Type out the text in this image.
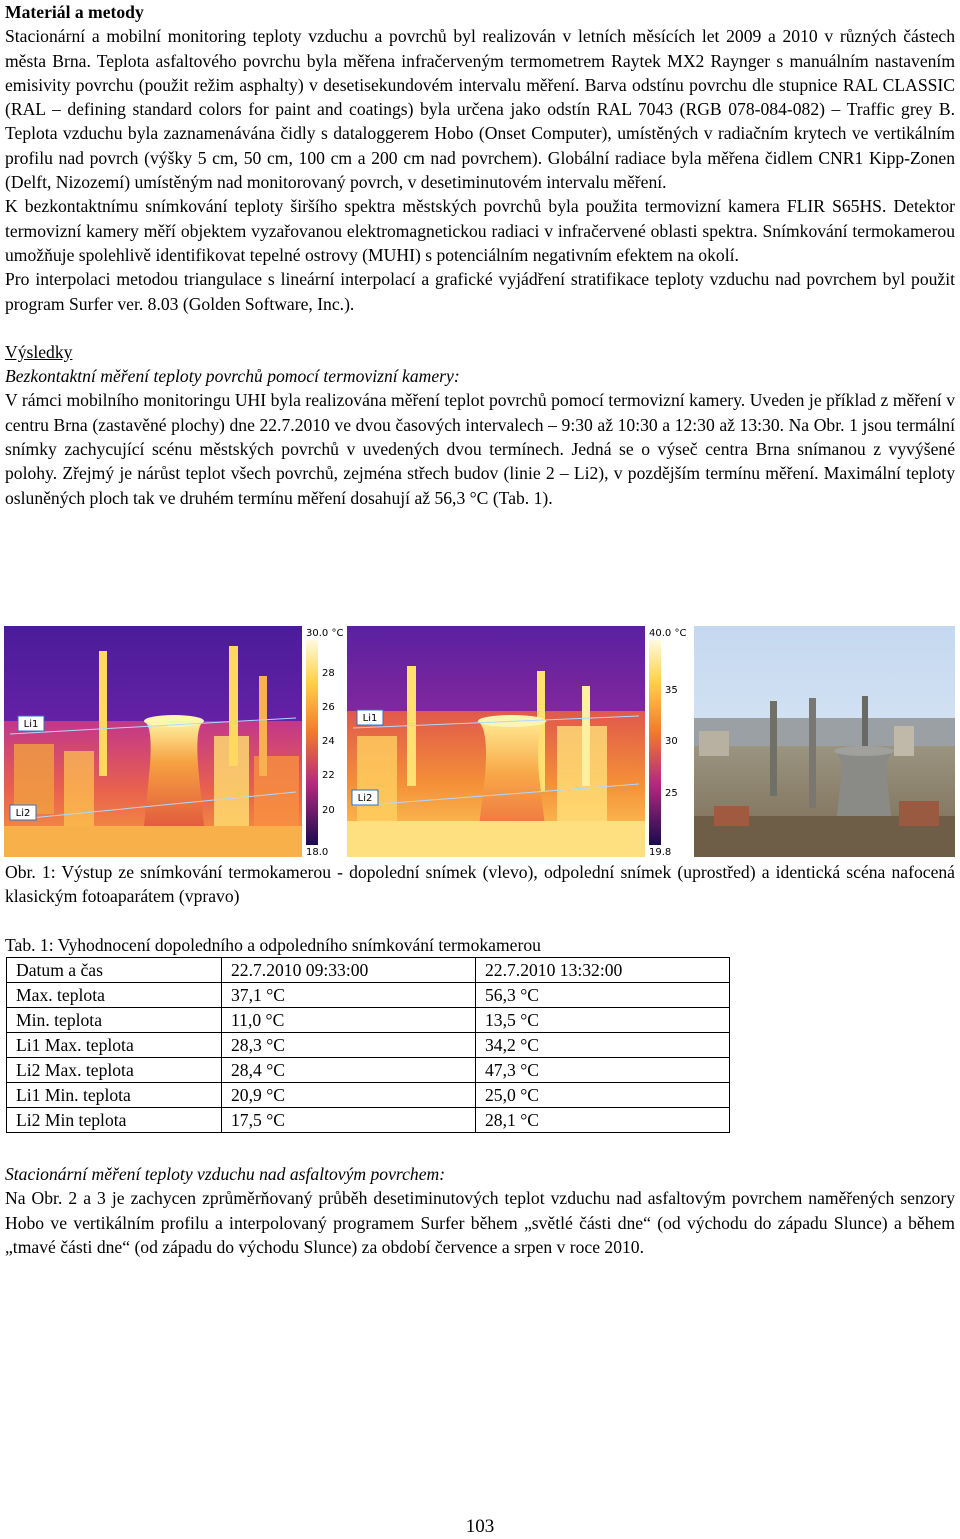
Materiál a metody

Stacionární a mobilní monitoring teploty vzduchu a povrchů byl realizován v letních měsících let 2009 a 2010 v různých částech města Brna. Teplota asfaltového povrchu byla měřena infračerveným termometrem Raytek MX2 Raynger s manuálním nastavením emisivity povrchu (použit režim asphalty) v desetisekundovém intervalu měření. Barva odstínu povrchu dle stupnice RAL CLASSIC (RAL – defining standard colors for paint and coatings) byla určena jako odstín RAL 7043 (RGB 078-084-082) – Traffic grey B. Teplota vzduchu byla zaznamenávána čidly s dataloggerem Hobo (Onset Computer), umístěných v radiačním krytech ve vertikálním profilu nad povrch (výšky 5 cm, 50 cm, 100 cm a 200 cm nad povrchem). Globální radiace byla měřena čidlem CNR1 Kipp-Zonen (Delft, Nizozemí) umístěným nad monitorovaný povrch, v desetiminutovém intervalu měření.

K bezkontaktnímu snímkování teploty širšího spektra městských povrchů byla použita termovizní kamera FLIR S65HS. Detektor termovizní kamery měří objektem vyzařovanou elektromagnetickou radiaci v infračervené oblasti spektra. Snímkování termokamerou umožňuje spolehlivě identifikovat tepelné ostrovy (MUHI) s potenciálním negativním efektem na okolí.

Pro interpolaci metodou triangulace s lineární interpolací a grafické vyjádření stratifikace teploty vzduchu nad povrchem byl použit program Surfer ver. 8.03 (Golden Software, Inc.).

Výsledky

Bezkontaktní měření teploty povrchů pomocí termovizní kamery:

V rámci mobilního monitoringu UHI byla realizována měření teplot povrchů pomocí termovizní kamery. Uveden je příklad z měření v centru Brna (zastavěné plochy) dne 22.7.2010 ve dvou časových intervalech – 9:30 až 10:30 a 12:30 až 13:30. Na Obr. 1 jsou termální snímky zachycující scénu městských povrchů v uvedených dvou termínech. Jedná se o výseč centra Brna snímanou z vyvýšené polohy. Zřejmý je nárůst teplot všech povrchů, zejména střech budov (linie 2 – Li2), v pozdějším termínu měření. Maximální teploty osluněných ploch tak ve druhém termínu měření dosahují až 56,3 °C (Tab. 1).

Li1
Li2
30.0 °C
28
26
24
22
20
18.0
Li1
Li2
40.0 °C
35
30
25
19.8

Obr. 1: Výstup ze snímkování termokamerou - dopolední snímek (vlevo), odpolední snímek (uprostřed) a identická scéna nafocená klasickým fotoaparátem (vpravo)

Tab. 1: Vyhodnocení dopoledního a odpoledního snímkování termokamerou

Datum a čas	22.7.2010 09:33:00	22.7.2010 13:32:00
Max. teplota	37,1 °C	56,3 °C
Min. teplota	11,0 °C	13,5 °C
Li1 Max. teplota	28,3 °C	34,2 °C
Li2 Max. teplota	28,4 °C	47,3 °C
Li1 Min. teplota	20,9 °C	25,0 °C
Li2 Min teplota	17,5 °C	28,1 °C

Stacionární měření teploty vzduchu nad asfaltovým povrchem:

Na Obr. 2 a 3 je zachycen zprůměrňovaný průběh desetiminutových teplot vzduchu nad asfaltovým povrchem naměřených senzory Hobo ve vertikálním profilu a interpolovaný programem Surfer během „světlé části dne“ (od východu do západu Slunce) a během „tmavé části dne“ (od západu do východu Slunce) za období července a srpen v roce 2010.

103
